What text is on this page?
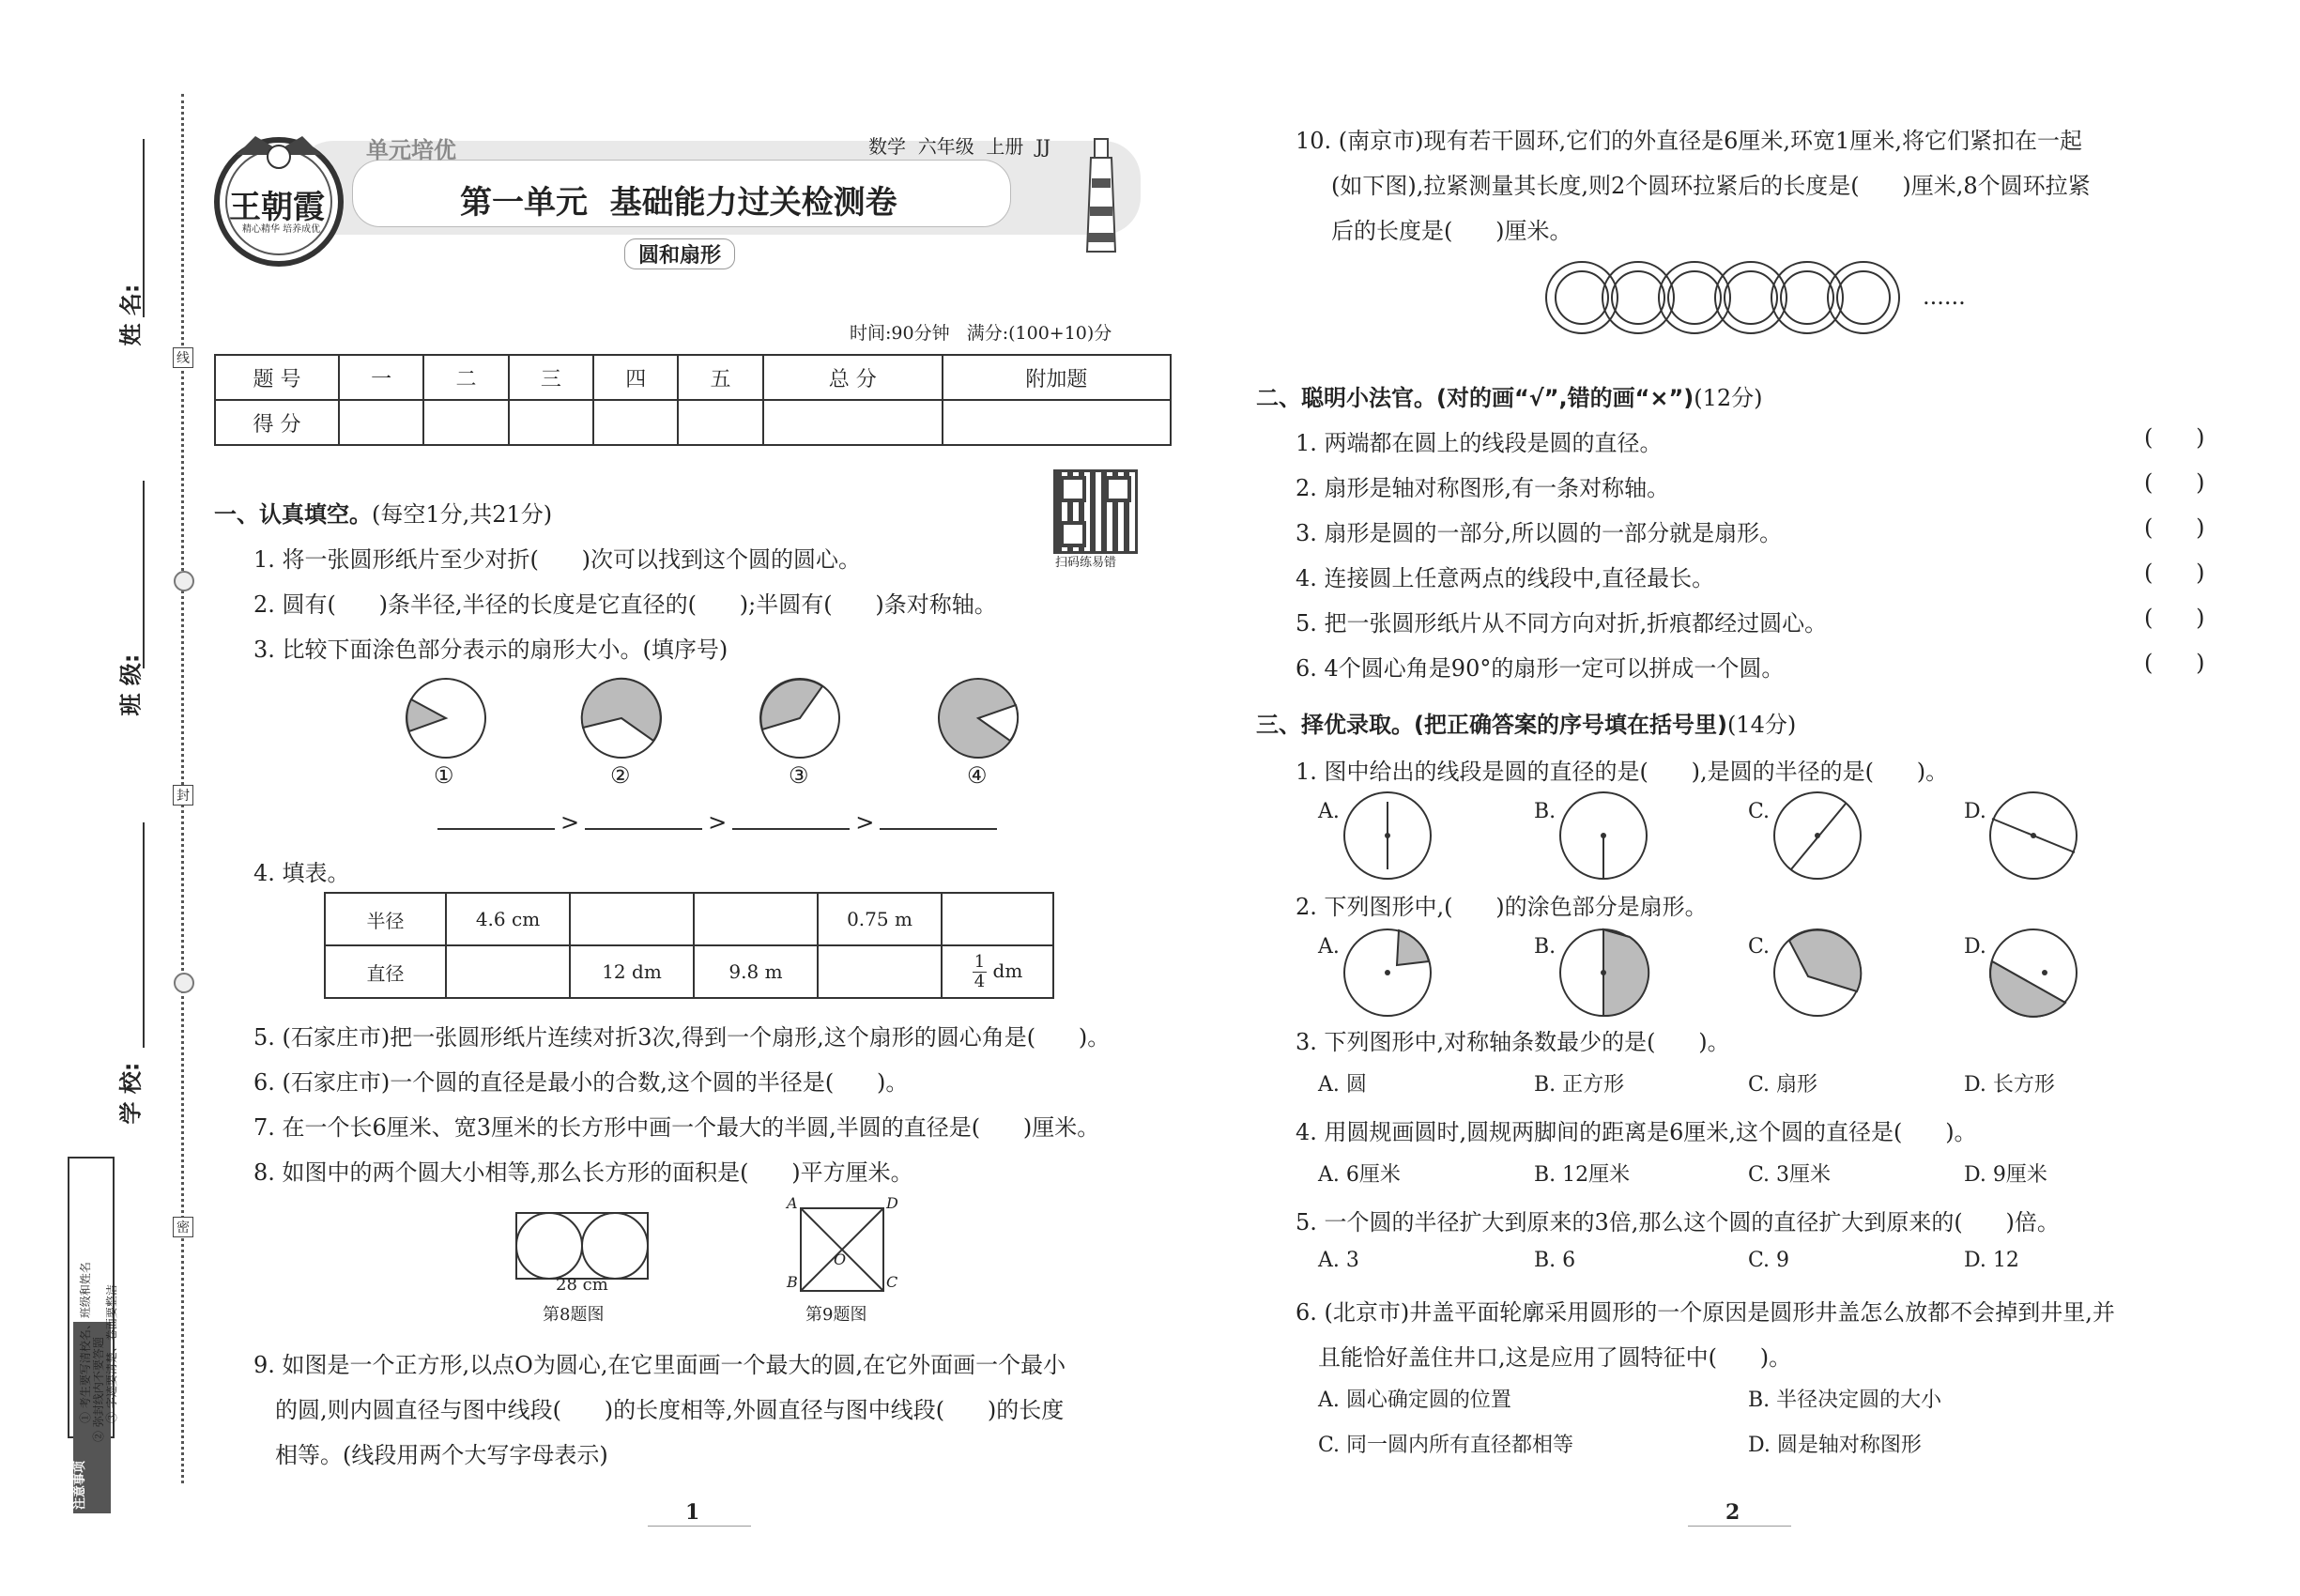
姓 名:
班 级:
学 校:
线
封
密
注意事项
① 考生要写清校名、班级和姓名 ② 弥封线内不要答题 ③ 字迹要清楚、卷面要整洁
单元培优	数学  六年级  上册  JJ
第一单元  基础能力过关检测卷
圆和扇形
王朝霞
精心精华 培养成优
时间:90分钟   满分:(100+10)分
题 号	一	二	三	四	五	总 分	附加题
得 分							
扫码练易错
一、认真填空。(每空1分,共21分)
1. 将一张圆形纸片至少对折(      )次可以找到这个圆的圆心。
2. 圆有(      )条半径,半径的长度是它直径的(      );半圆有(      )条对称轴。
3. 比较下面涂色部分表示的扇形大小。(填序号)
①	②	③	④
>	>	>
4. 填表。
半径	4.6 cm			0.75 m	
直径		12 dm	9.8 m		$\frac{1}{4}$ dm
5. (石家庄市)把一张圆形纸片连续对折3次,得到一个扇形,这个扇形的圆心角是(      )。
6. (石家庄市)一个圆的直径是最小的合数,这个圆的半径是(      )。
7. 在一个长6厘米、宽3厘米的长方形中画一个最大的半圆,半圆的直径是(      )厘米。
8. 如图中的两个圆大小相等,那么长方形的面积是(      )平方厘米。
28 cm
第8题图
A	D
B	C
O
第9题图
9. 如图是一个正方形,以点O为圆心,在它里面画一个最大的圆,在它外面画一个最小
的圆,则内圆直径与图中线段(      )的长度相等,外圆直径与图中线段(      )的长度
相等。(线段用两个大写字母表示)
1
10. (南京市)现有若干圆环,它们的外直径是6厘米,环宽1厘米,将它们紧扣在一起
(如下图),拉紧测量其长度,则2个圆环拉紧后的长度是(      )厘米,8个圆环拉紧
后的长度是(      )厘米。
......
二、聪明小法官。(对的画“√”,错的画“×”)(12分)
1. 两端都在圆上的线段是圆的直径。
2. 扇形是轴对称图形,有一条对称轴。
3. 扇形是圆的一部分,所以圆的一部分就是扇形。
4. 连接圆上任意两点的线段中,直径最长。
5. 把一张圆形纸片从不同方向对折,折痕都经过圆心。
6. 4个圆心角是90°的扇形一定可以拼成一个圆。
(      )
(      )
(      )
(      )
(      )
(      )
三、择优录取。(把正确答案的序号填在括号里)(14分)
1. 图中给出的线段是圆的直径的是(      ),是圆的半径的是(      )。
A.	B.	C.	D.
2. 下列图形中,(      )的涂色部分是扇形。
A.	B.	C.	D.
3. 下列图形中,对称轴条数最少的是(      )。
A. 圆	B. 正方形	C. 扇形	D. 长方形
4. 用圆规画圆时,圆规两脚间的距离是6厘米,这个圆的直径是(      )。
A. 6厘米	B. 12厘米	C. 3厘米	D. 9厘米
5. 一个圆的半径扩大到原来的3倍,那么这个圆的直径扩大到原来的(      )倍。
A. 3	B. 6	C. 9	D. 12
6. (北京市)井盖平面轮廓采用圆形的一个原因是圆形井盖怎么放都不会掉到井里,并
且能恰好盖住井口,这是应用了圆特征中(      )。
A. 圆心确定圆的位置	B. 半径决定圆的大小
C. 同一圆内所有直径都相等	D. 圆是轴对称图形
2
